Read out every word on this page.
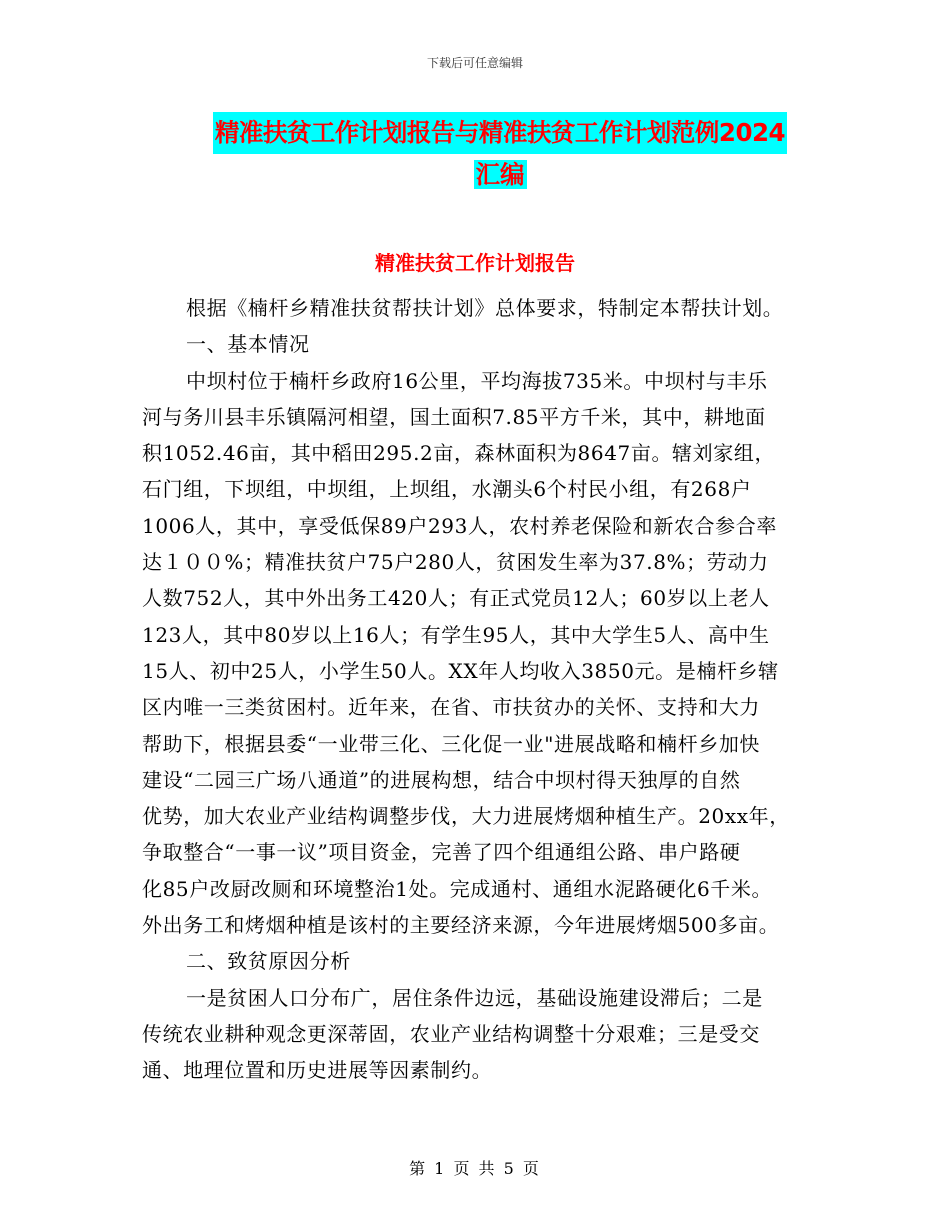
下载后可任意编辑
精准扶贫工作计划报告与精准扶贫工作计划范例2024
汇编
精准扶贫工作计划报告
根据《楠杆乡精准扶贫帮扶计划》总体要求，特制定本帮扶计划。
一、基本情况
中坝村位于楠杆乡政府16公里，平均海拔735米。中坝村与丰乐
河与务川县丰乐镇隔河相望，国土面积7.85平方千米，其中，耕地面
积1052.46亩，其中稻田295.2亩，森林面积为8647亩。辖刘家组，
石门组，下坝组，中坝组，上坝组，水潮头6个村民小组，有268户
1006人，其中，享受低保89户293人，农村养老保险和新农合参合率
达１００%；精准扶贫户75户280人，贫困发生率为37.8%；劳动力
人数752人，其中外出务工420人；有正式党员12人；60岁以上老人
123人，其中80岁以上16人；有学生95人，其中大学生5人、高中生
15人、初中25人，小学生50人。XX年人均收入3850元。是楠杆乡辖
区内唯一三类贫困村。近年来，在省、市扶贫办的关怀、支持和大力
帮助下，根据县委“一业带三化、三化促一业"进展战略和楠杆乡加快
建设“二园三广场八通道”的进展构想，结合中坝村得天独厚的自然
优势，加大农业产业结构调整步伐，大力进展烤烟种植生产。20xx年，
争取整合“一事一议”项目资金，完善了四个组通组公路、串户路硬
化85户改厨改厕和环境整治1处。完成通村、通组水泥路硬化6千米。
外出务工和烤烟种植是该村的主要经济来源，今年进展烤烟500多亩。
二、致贫原因分析
一是贫困人口分布广，居住条件边远，基础设施建设滞后；二是
传统农业耕种观念更深蒂固，农业产业结构调整十分艰难；三是受交
通、地理位置和历史进展等因素制约。
第 1 页 共 5 页
